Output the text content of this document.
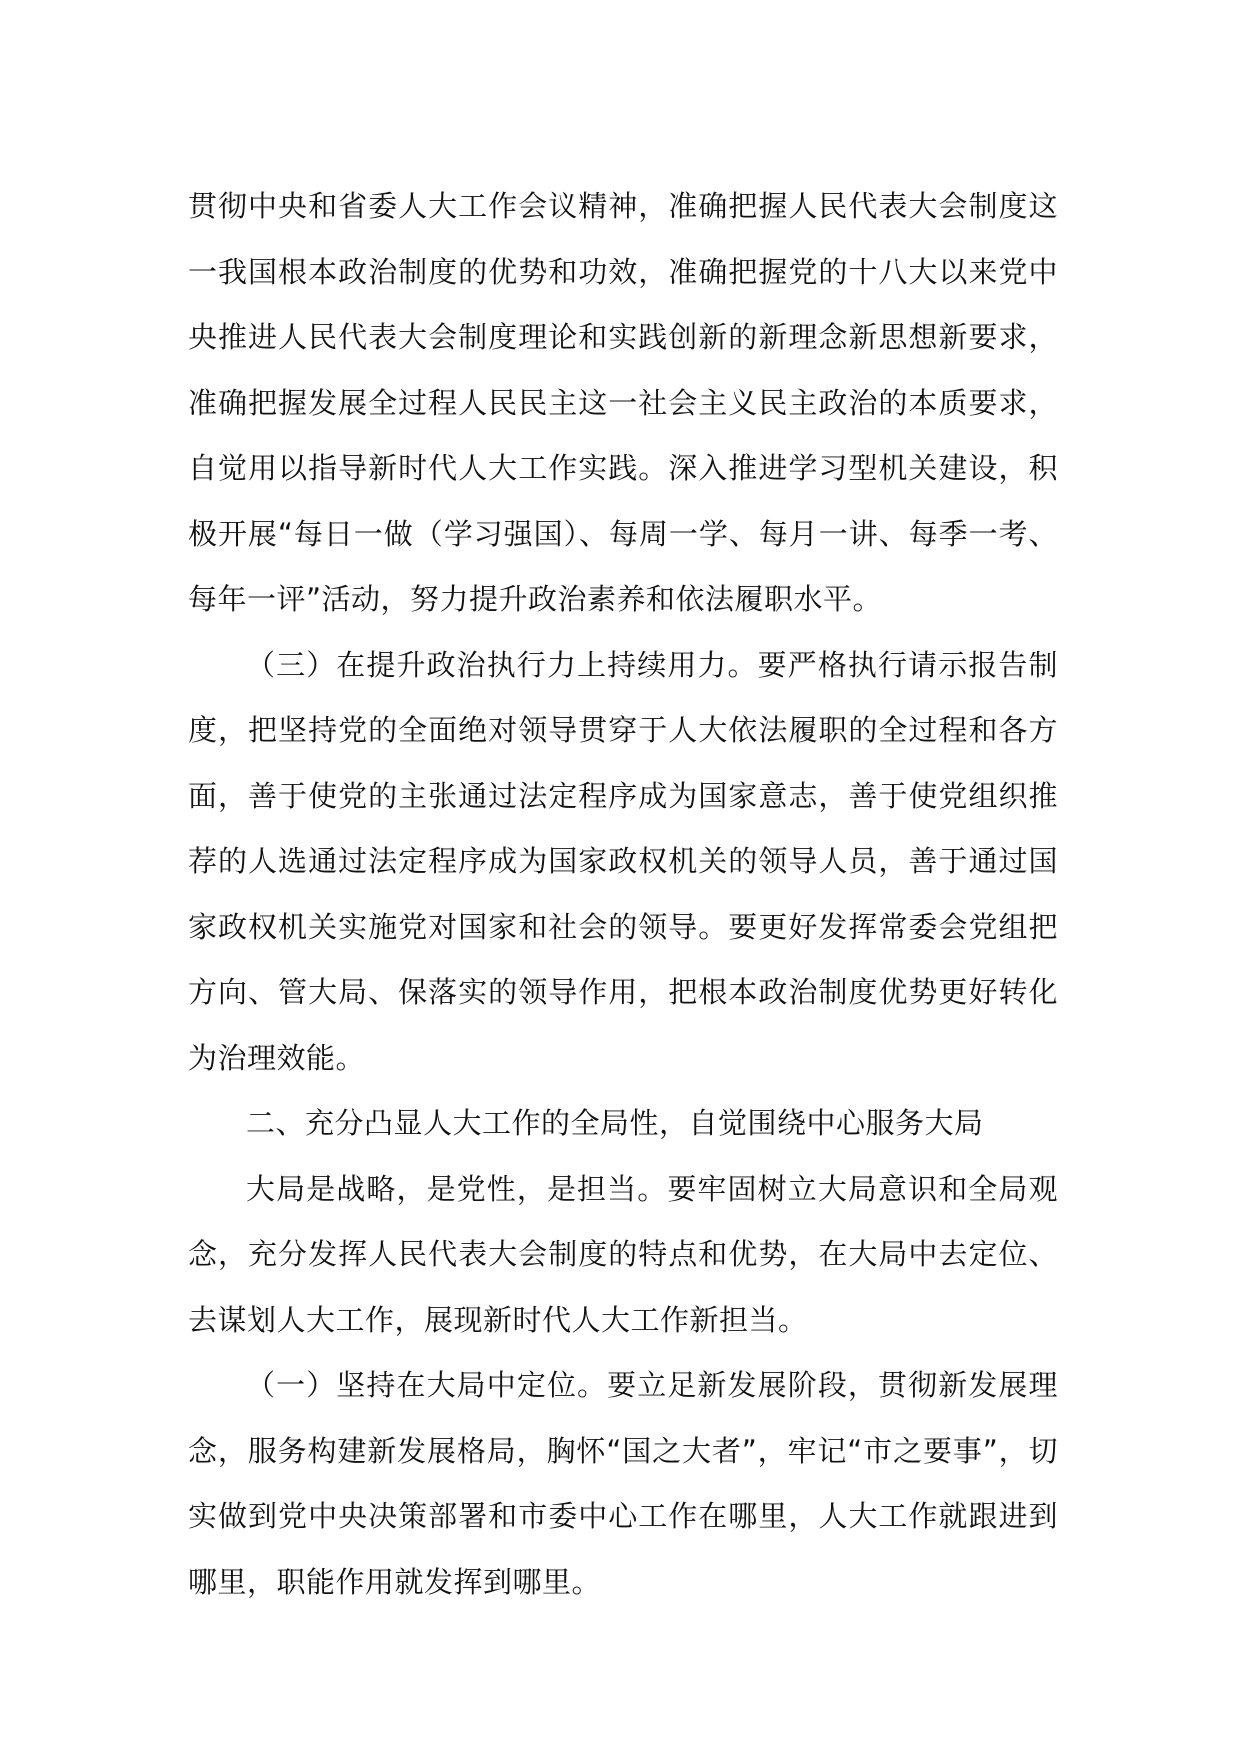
贯彻中央和省委人大工作会议精神，准确把握人民代表大会制度这一我国根本政治制度的优势和功效，准确把握党的十八大以来党中央推进人民代表大会制度理论和实践创新的新理念新思想新要求，准确把握发展全过程人民民主这一社会主义民主政治的本质要求，自觉用以指导新时代人大工作实践。深入推进学习型机关建设，积极开展“每日一做（学习强国）、每周一学、每月一讲、每季一考、每年一评”活动，努力提升政治素养和依法履职水平。

（三）在提升政治执行力上持续用力。要严格执行请示报告制度，把坚持党的全面绝对领导贯穿于人大依法履职的全过程和各方面，善于使党的主张通过法定程序成为国家意志，善于使党组织推荐的人选通过法定程序成为国家政权机关的领导人员，善于通过国家政权机关实施党对国家和社会的领导。要更好发挥常委会党组把方向、管大局、保落实的领导作用，把根本政治制度优势更好转化为治理效能。

二、充分凸显人大工作的全局性，自觉围绕中心服务大局

大局是战略，是党性，是担当。要牢固树立大局意识和全局观念，充分发挥人民代表大会制度的特点和优势，在大局中去定位、去谋划人大工作，展现新时代人大工作新担当。

（一）坚持在大局中定位。要立足新发展阶段，贯彻新发展理念，服务构建新发展格局，胸怀“国之大者”，牢记“市之要事”，切实做到党中央决策部署和市委中心工作在哪里，人大工作就跟进到哪里，职能作用就发挥到哪里。
